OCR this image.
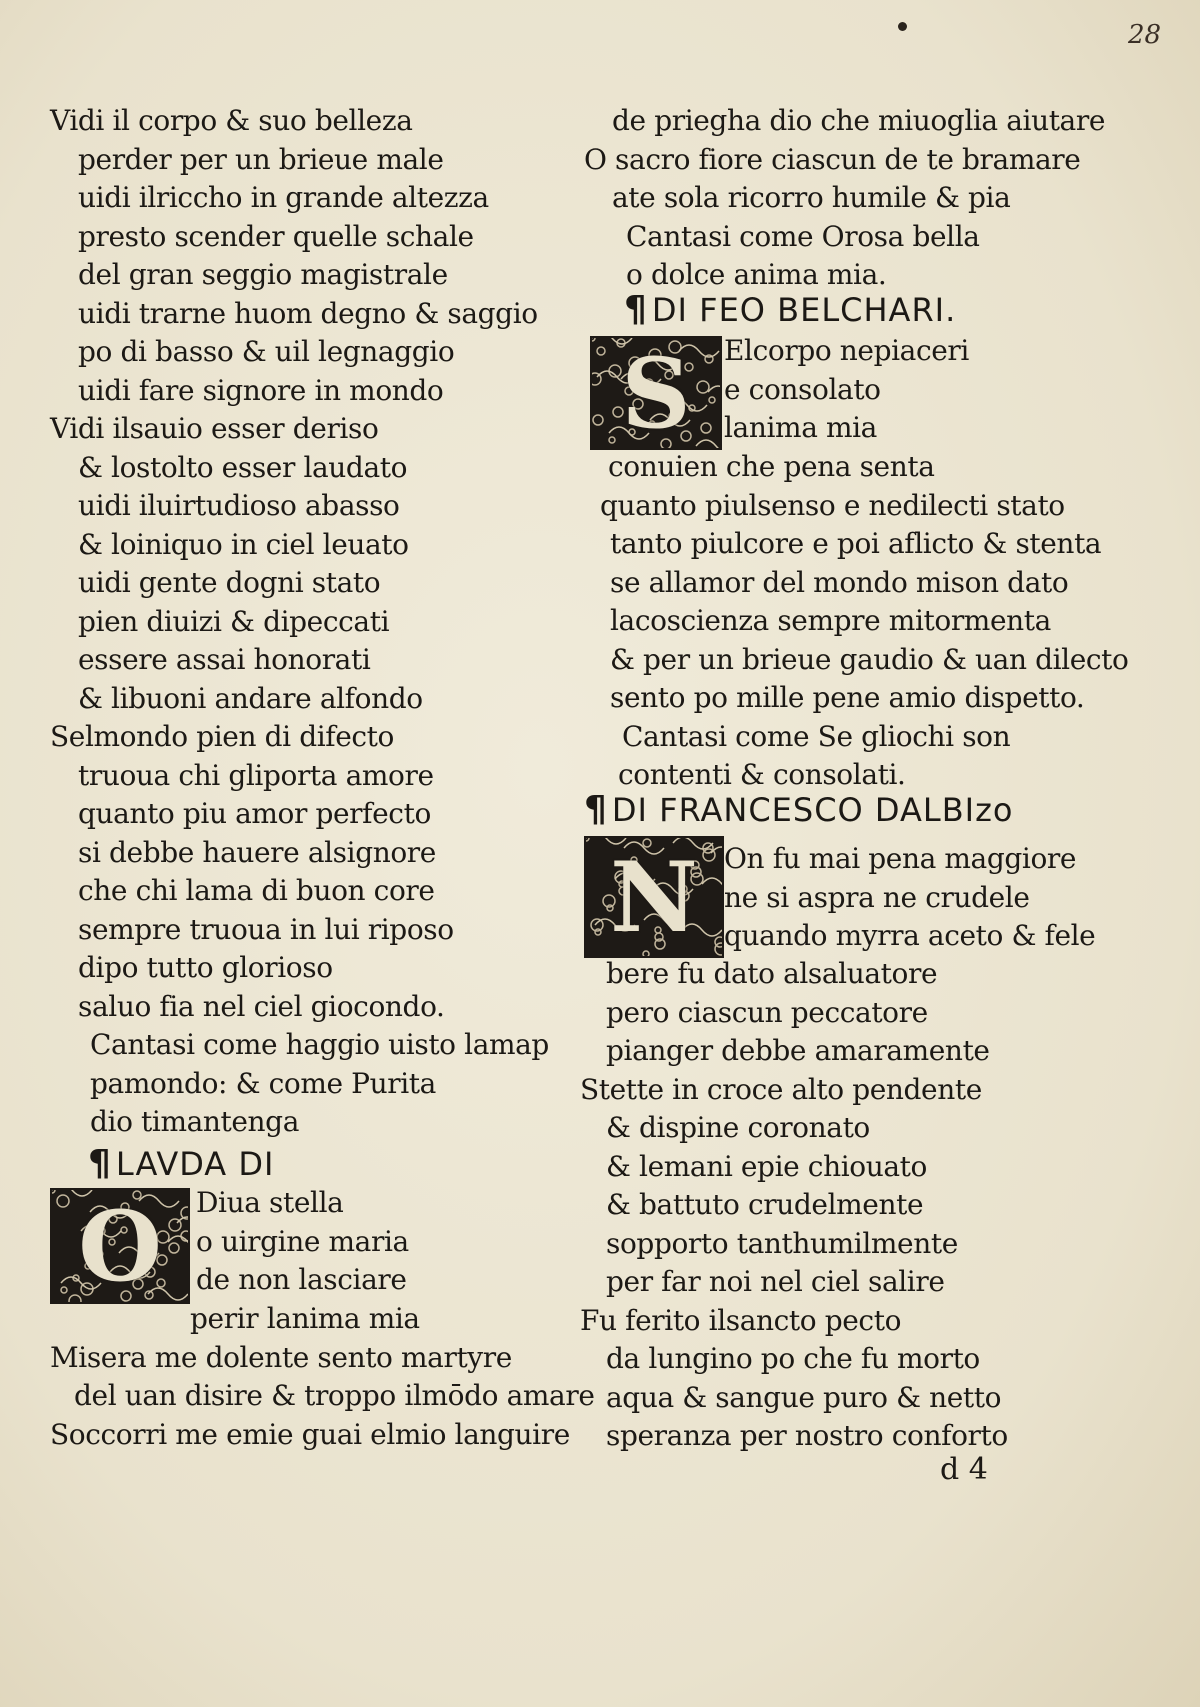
28
d 4
Vidi il corpo & suo belleza
perder per un brieue male
uidi ilriccho in grande altezza
presto scender quelle schale
del gran seggio magistrale
uidi trarne huom degno & saggio
po di basso & uil legnaggio
uidi fare signore in mondo
Vidi ilsauio esser deriso
& lostolto esser laudato
uidi iluirtudioso abasso
& loiniquo in ciel leuato
uidi gente dogni stato
pien diuizi & dipeccati
essere assai honorati
& libuoni andare alfondo
Selmondo pien di difecto
truoua chi gliporta amore
quanto piu amor perfecto
si debbe hauere alsignore
che chi lama di buon core
sempre truoua in lui riposo
dipo tutto glorioso
saluo fia nel ciel giocondo.
Cantasi come haggio uisto lamap
pamondo: & come Purita
dio timantenga
¶ LAVDA DI
O Diua stella
o uirgine maria
de non lasciare
perir lanima mia
Misera me dolente sento martyre
del uan disire & troppo ilmōdo amare
Soccorri me emie guai elmio languire
de priegha dio che miuoglia aiutare
O sacro fiore ciascun de te bramare
ate sola ricorro humile & pia
Cantasi come Orosa bella
o dolce anima mia.
¶ DI FEO BELCHARI.
S Elcorpo nepiaceri
e consolato
lanima mia
conuien che pena senta
quanto piulsenso e nedilecti stato
tanto piulcore e poi aflicto & stenta
se allamor del mondo mison dato
lacoscienza sempre mitormenta
& per un brieue gaudio & uan dilecto
sento po mille pene amio dispetto.
Cantasi come Se gliochi son
contenti & consolati.
¶ DI FRANCESCO DALBIzo
N On fu mai pena maggiore
ne si aspra ne crudele
quando myrra aceto & fele
bere fu dato alsaluatore
pero ciascun peccatore
pianger debbe amaramente
Stette in croce alto pendente
& dispine coronato
& lemani epie chiouato
& battuto crudelmente
sopporto tanthumilmente
per far noi nel ciel salire
Fu ferito ilsancto pecto
da lungino po che fu morto
aqua & sangue puro & netto
speranza per nostro conforto
